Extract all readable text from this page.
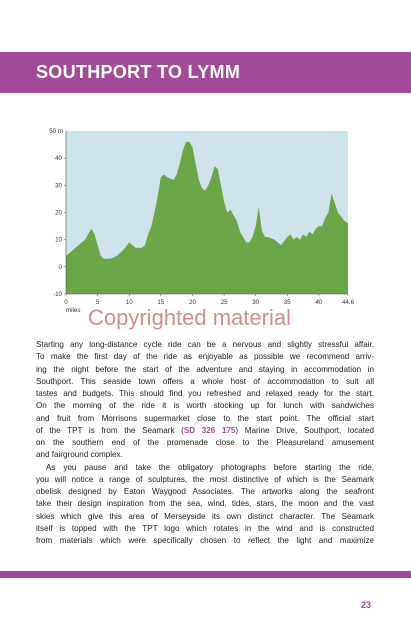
SOUTHPORT TO LYMM
50 m
-10
0
10
20
30
40
0	5	10	15	20	25	30	35	40	44.6
miles Copyrighted material
Starting any long-distance cycle ride can be a nervous and slightly stressful affair.
To make the first day of the ride as enjoyable as possible we recommend arriv-
ing the night before the start of the adventure and staying in accommodation in
Southport. This seaside town offers a whole host of accommodation to suit all
tastes and budgets. This should find you refreshed and relaxed ready for the start.
On the morning of the ride it is worth stocking up for lunch with sandwiches
and fruit from Morrisons supermarket close to the start point. The official start
of the TPT is from the Seamark (SD 326 175) Marine Drive, Southport, located
on the southern end of the promenade close to the Pleasureland amusement
and fairground complex.
As you pause and take the obligatory photographs before starting the ride,
you will notice a range of sculptures, the most distinctive of which is the Seamark
obelisk designed by Eaton Waygood Associates. The artworks along the seafront
take their design inspiration from the sea, wind, tides, stars, the moon and the vast
skies which give this area of Merseyside its own distinct character. The Seamark
itself is topped with the TPT logo which rotates in the wind and is constructed
from materials which were specifically chosen to reflect the light and maximize
23
